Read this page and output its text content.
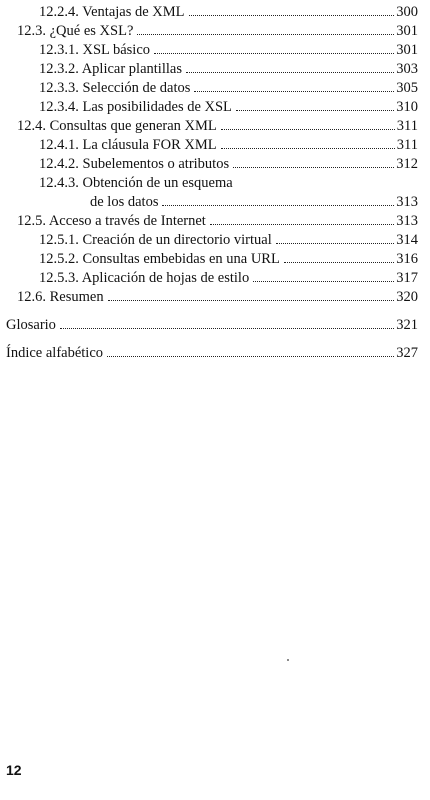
12.2.4. Ventajas de XML	300
12.3. ¿Qué es XSL?	301
12.3.1. XSL básico	301
12.3.2. Aplicar plantillas	303
12.3.3. Selección de datos	305
12.3.4. Las posibilidades de XSL	310
12.4. Consultas que generan XML	311
12.4.1. La cláusula FOR XML	311
12.4.2. Subelementos o atributos	312
12.4.3. Obtención de un esquema
de los datos	313
12.5. Acceso a través de Internet	313
12.5.1. Creación de un directorio virtual	314
12.5.2. Consultas embebidas en una URL	316
12.5.3. Aplicación de hojas de estilo	317
12.6. Resumen	320
Glosario	321
Índice alfabético	327
12
